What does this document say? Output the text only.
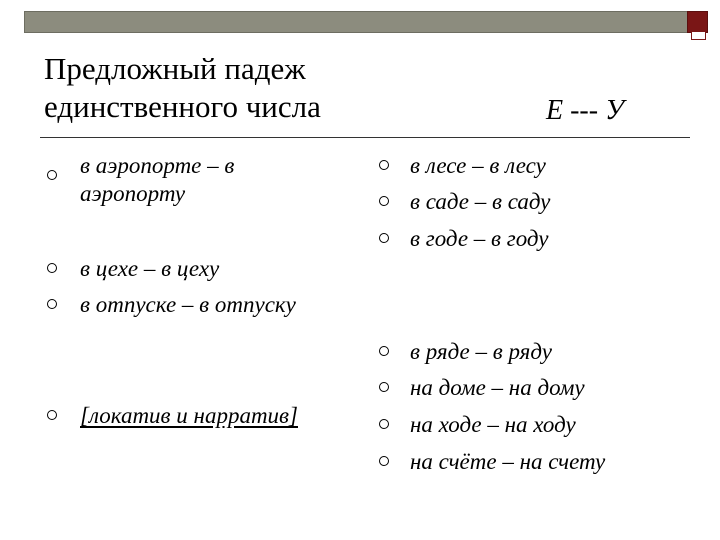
Предложный падеж
единственного числа	Е --- У
в аэропорте – в аэропорту
в цехе – в цеху
в отпуске – в отпуску
[локатив и нарратив]
в лесе – в лесу
в саде – в саду
в годе – в году
в ряде – в ряду
на доме – на дому
на ходе – на ходу
на счёте – на счету
